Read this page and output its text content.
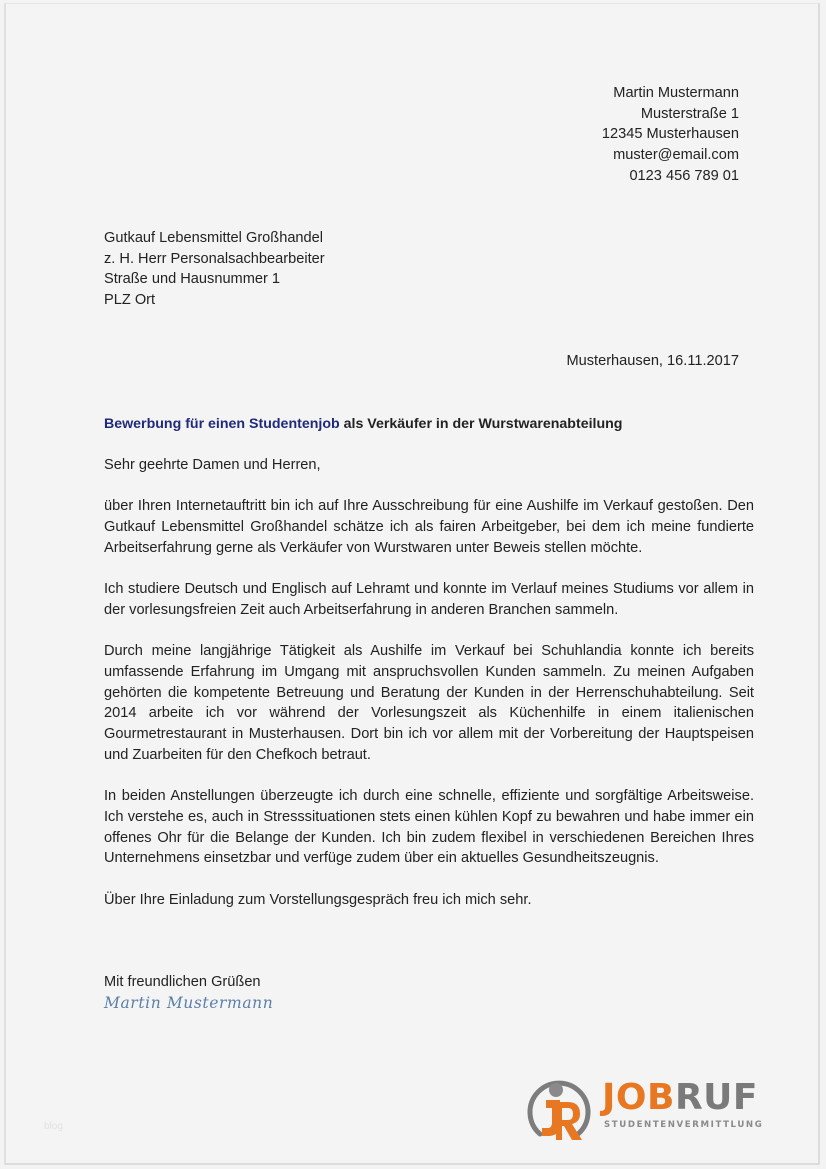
Martin Mustermann
Musterstraße 1
12345 Musterhausen
muster@email.com
0123 456 789 01
Gutkauf Lebensmittel Großhandel
z. H. Herr Personalsachbearbeiter
Straße und Hausnummer 1
PLZ Ort
Musterhausen, 16.11.2017
Bewerbung für einen Studentenjob als Verkäufer in der Wurstwarenabteilung

Sehr geehrte Damen und Herren,

über Ihren Internetauftritt bin ich auf Ihre Ausschreibung für eine Aushilfe im Verkauf gestoßen. Den Gutkauf Lebensmittel Großhandel schätze ich als fairen Arbeitgeber, bei dem ich meine fundierte Arbeitserfahrung gerne als Verkäufer von Wurstwaren unter Beweis stellen möchte.

Ich studiere Deutsch und Englisch auf Lehramt und konnte im Verlauf meines Studiums vor allem in der vorlesungsfreien Zeit auch Arbeitserfahrung in anderen Branchen sammeln.

Durch meine langjährige Tätigkeit als Aushilfe im Verkauf bei Schuhlandia konnte ich bereits umfassende Erfahrung im Umgang mit anspruchsvollen Kunden sammeln. Zu meinen Aufgaben gehörten die kompetente Betreuung und Beratung der Kunden in der Herrenschuhabteilung. Seit 2014 arbeite ich vor während der Vorlesungszeit als Küchenhilfe in einem italienischen Gourmetrestaurant in Musterhausen. Dort bin ich vor allem mit der Vorbereitung der Hauptspeisen und Zuarbeiten für den Chefkoch betraut.

In beiden Anstellungen überzeugte ich durch eine schnelle, effiziente und sorgfältige Arbeitsweise. Ich verstehe es, auch in Stresssituationen stets einen kühlen Kopf zu bewahren und habe immer ein offenes Ohr für die Belange der Kunden. Ich bin zudem flexibel in verschiedenen Bereichen Ihres Unternehmens einsetzbar und verfüge zudem über ein aktuelles Gesundheitszeugnis.

Über Ihre Einladung zum Vorstellungsgespräch freu ich mich sehr.

Mit freundlichen Grüßen
Martin Mustermann
blog
JOBRUF
STUDENTENVERMITTLUNG
